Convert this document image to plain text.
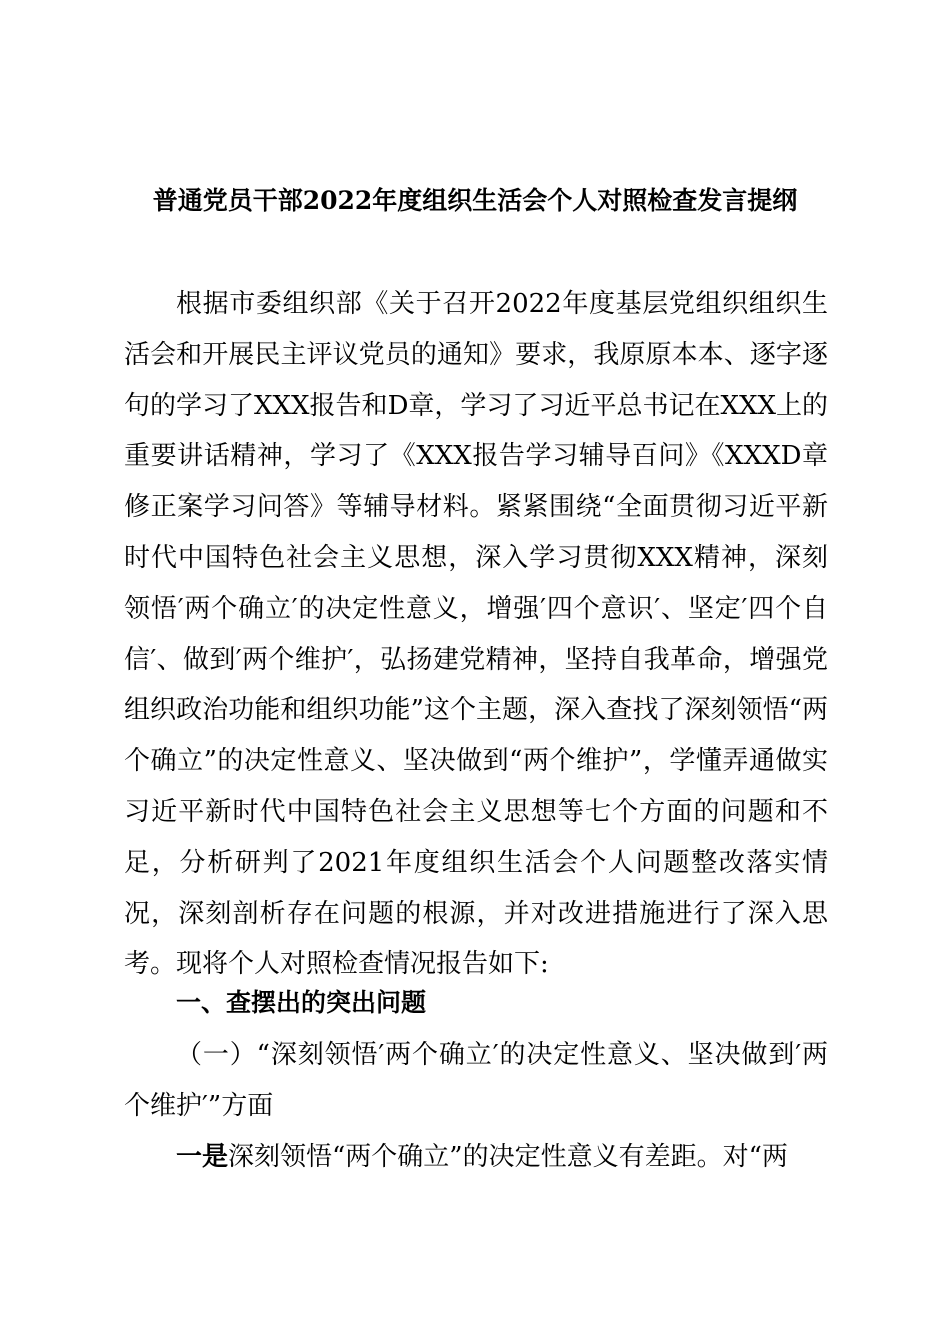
普通党员干部2022年度组织生活会个人对照检查发言提纲

根据市委组织部《关于召开2022年度基层党组织组织生活会和开展民主评议党员的通知》要求，我原原本本、逐字逐句的学习了XXX报告和D章，学习了习近平总书记在XXX上的重要讲话精神，学习了《XXX报告学习辅导百问》《XXXD章修正案学习问答》等辅导材料。紧紧围绕“全面贯彻习近平新时代中国特色社会主义思想，深入学习贯彻XXX精神，深刻领悟′两个确立′的决定性意义，增强′四个意识′、坚定′四个自信′、做到′两个维护′，弘扬建党精神，坚持自我革命，增强党组织政治功能和组织功能”这个主题，深入查找了深刻领悟“两个确立”的决定性意义、坚决做到“两个维护”，学懂弄通做实习近平新时代中国特色社会主义思想等七个方面的问题和不足，分析研判了2021年度组织生活会个人问题整改落实情况，深刻剖析存在问题的根源，并对改进措施进行了深入思考。现将个人对照检查情况报告如下:

一、查摆出的突出问题

（一）“深刻领悟′两个确立′的决定性意义、坚决做到′两个维护′”方面

一是深刻领悟“两个确立”的决定性意义有差距。对“两
